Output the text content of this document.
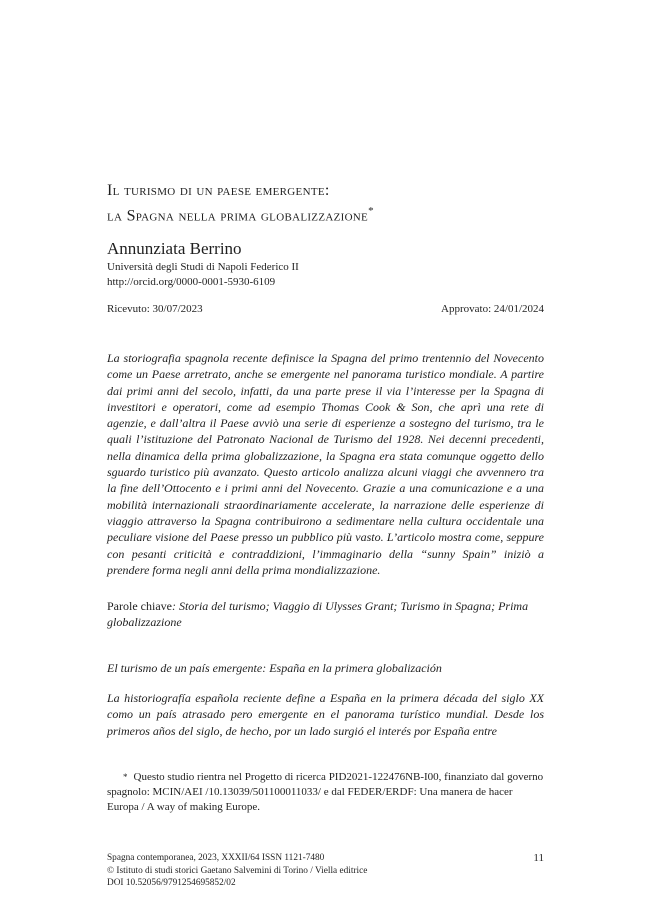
Il turismo di un paese emergente:
la Spagna nella prima globalizzazione*
Annunziata Berrino
Università degli Studi di Napoli Federico II
http://orcid.org/0000-0001-5930-6109
Ricevuto: 30/07/2023	Approvato: 24/01/2024

La storiografia spagnola recente definisce la Spagna del primo trentennio del Novecento come un Paese arretrato, anche se emergente nel panorama turistico mondiale. A partire dai primi anni del secolo, infatti, da una parte prese il via l’interesse per la Spagna di investitori e operatori, come ad esempio Thomas Cook & Son, che aprì una rete di agenzie, e dall’altra il Paese avviò una serie di esperienze a sostegno del turismo, tra le quali l’istituzione del Patronato Nacional de Turismo del 1928. Nei decenni precedenti, nella dinamica della prima globalizzazione, la Spagna era stata comunque oggetto dello sguardo turistico più avanzato. Questo articolo analizza alcuni viaggi che avvennero tra la fine dell’Ottocento e i primi anni del Novecento. Grazie a una comunicazione e a una mobilità internazionali straordinariamente accelerate, la narrazione delle esperienze di viaggio attraverso la Spagna contribuirono a sedimentare nella cultura occidentale una peculiare visione del Paese presso un pubblico più vasto. L’articolo mostra come, seppure con pesanti criticità e contraddizioni, l’immaginario della “sunny Spain” iniziò a prendere forma negli anni della prima mondializzazione.

Parole chiave: Storia del turismo; Viaggio di Ulysses Grant; Turismo in Spagna; Prima globalizzazione

El turismo de un país emergente: España en la primera globalización

La historiografía española reciente define a España en la primera década del siglo XX como un país atrasado pero emergente en el panorama turístico mundial. Desde los primeros años del siglo, de hecho, por un lado surgió el interés por España entre

* Questo studio rientra nel Progetto di ricerca PID2021-122476NB-I00, finanziato dal governo spagnolo: MCIN/AEI /10.13039/501100011033/ e dal FEDER/ERDF: Una manera de hacer Europa / A way of making Europe.

Spagna contemporanea, 2023, XXXII/64 ISSN 1121-7480
© Istituto di studi storici Gaetano Salvemini di Torino / Viella editrice
DOI 10.52056/9791254695852/02
11
